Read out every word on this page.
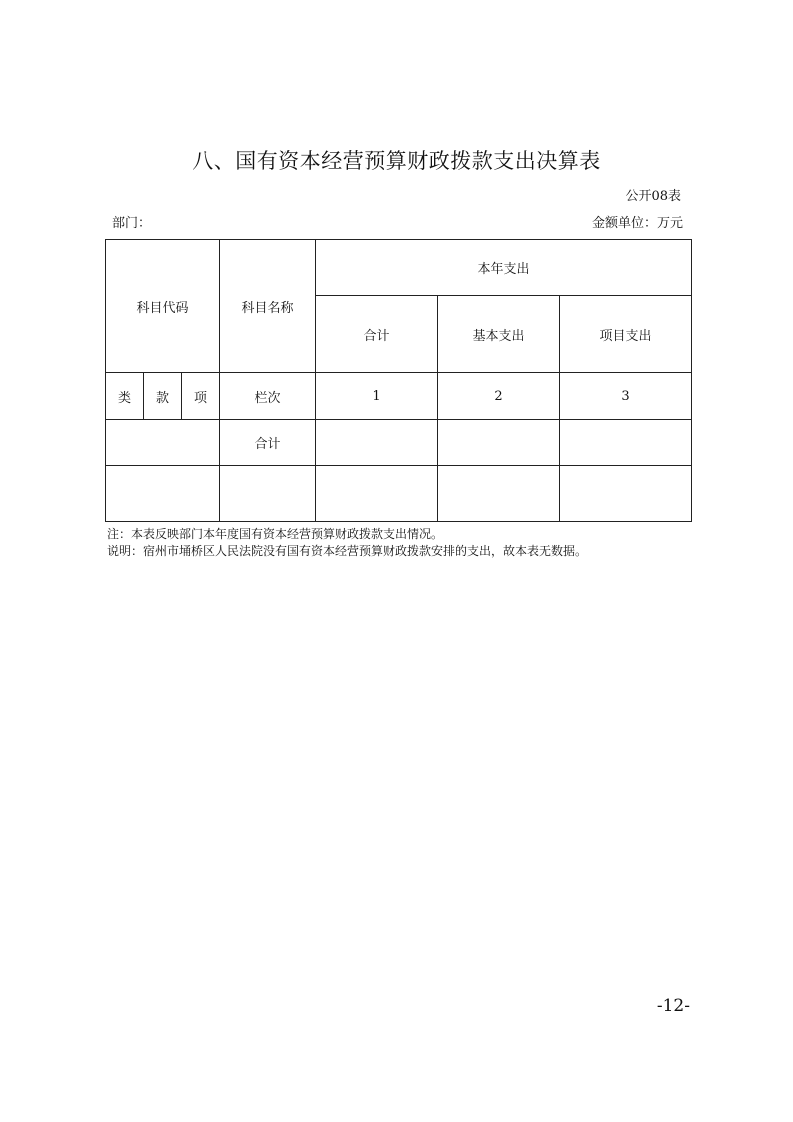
八、国有资本经营预算财政拨款支出决算表
公开08表
部门：	金额单位：万元
科目代码			科目名称	本年支出		
				合计	基本支出	项目支出
类	款	项	栏次	1	2	3
			合计			

注：本表反映部门本年度国有资本经营预算财政拨款支出情况。
说明：宿州市埇桥区人民法院没有国有资本经营预算财政拨款安排的支出，故本表无数据。
-12-
